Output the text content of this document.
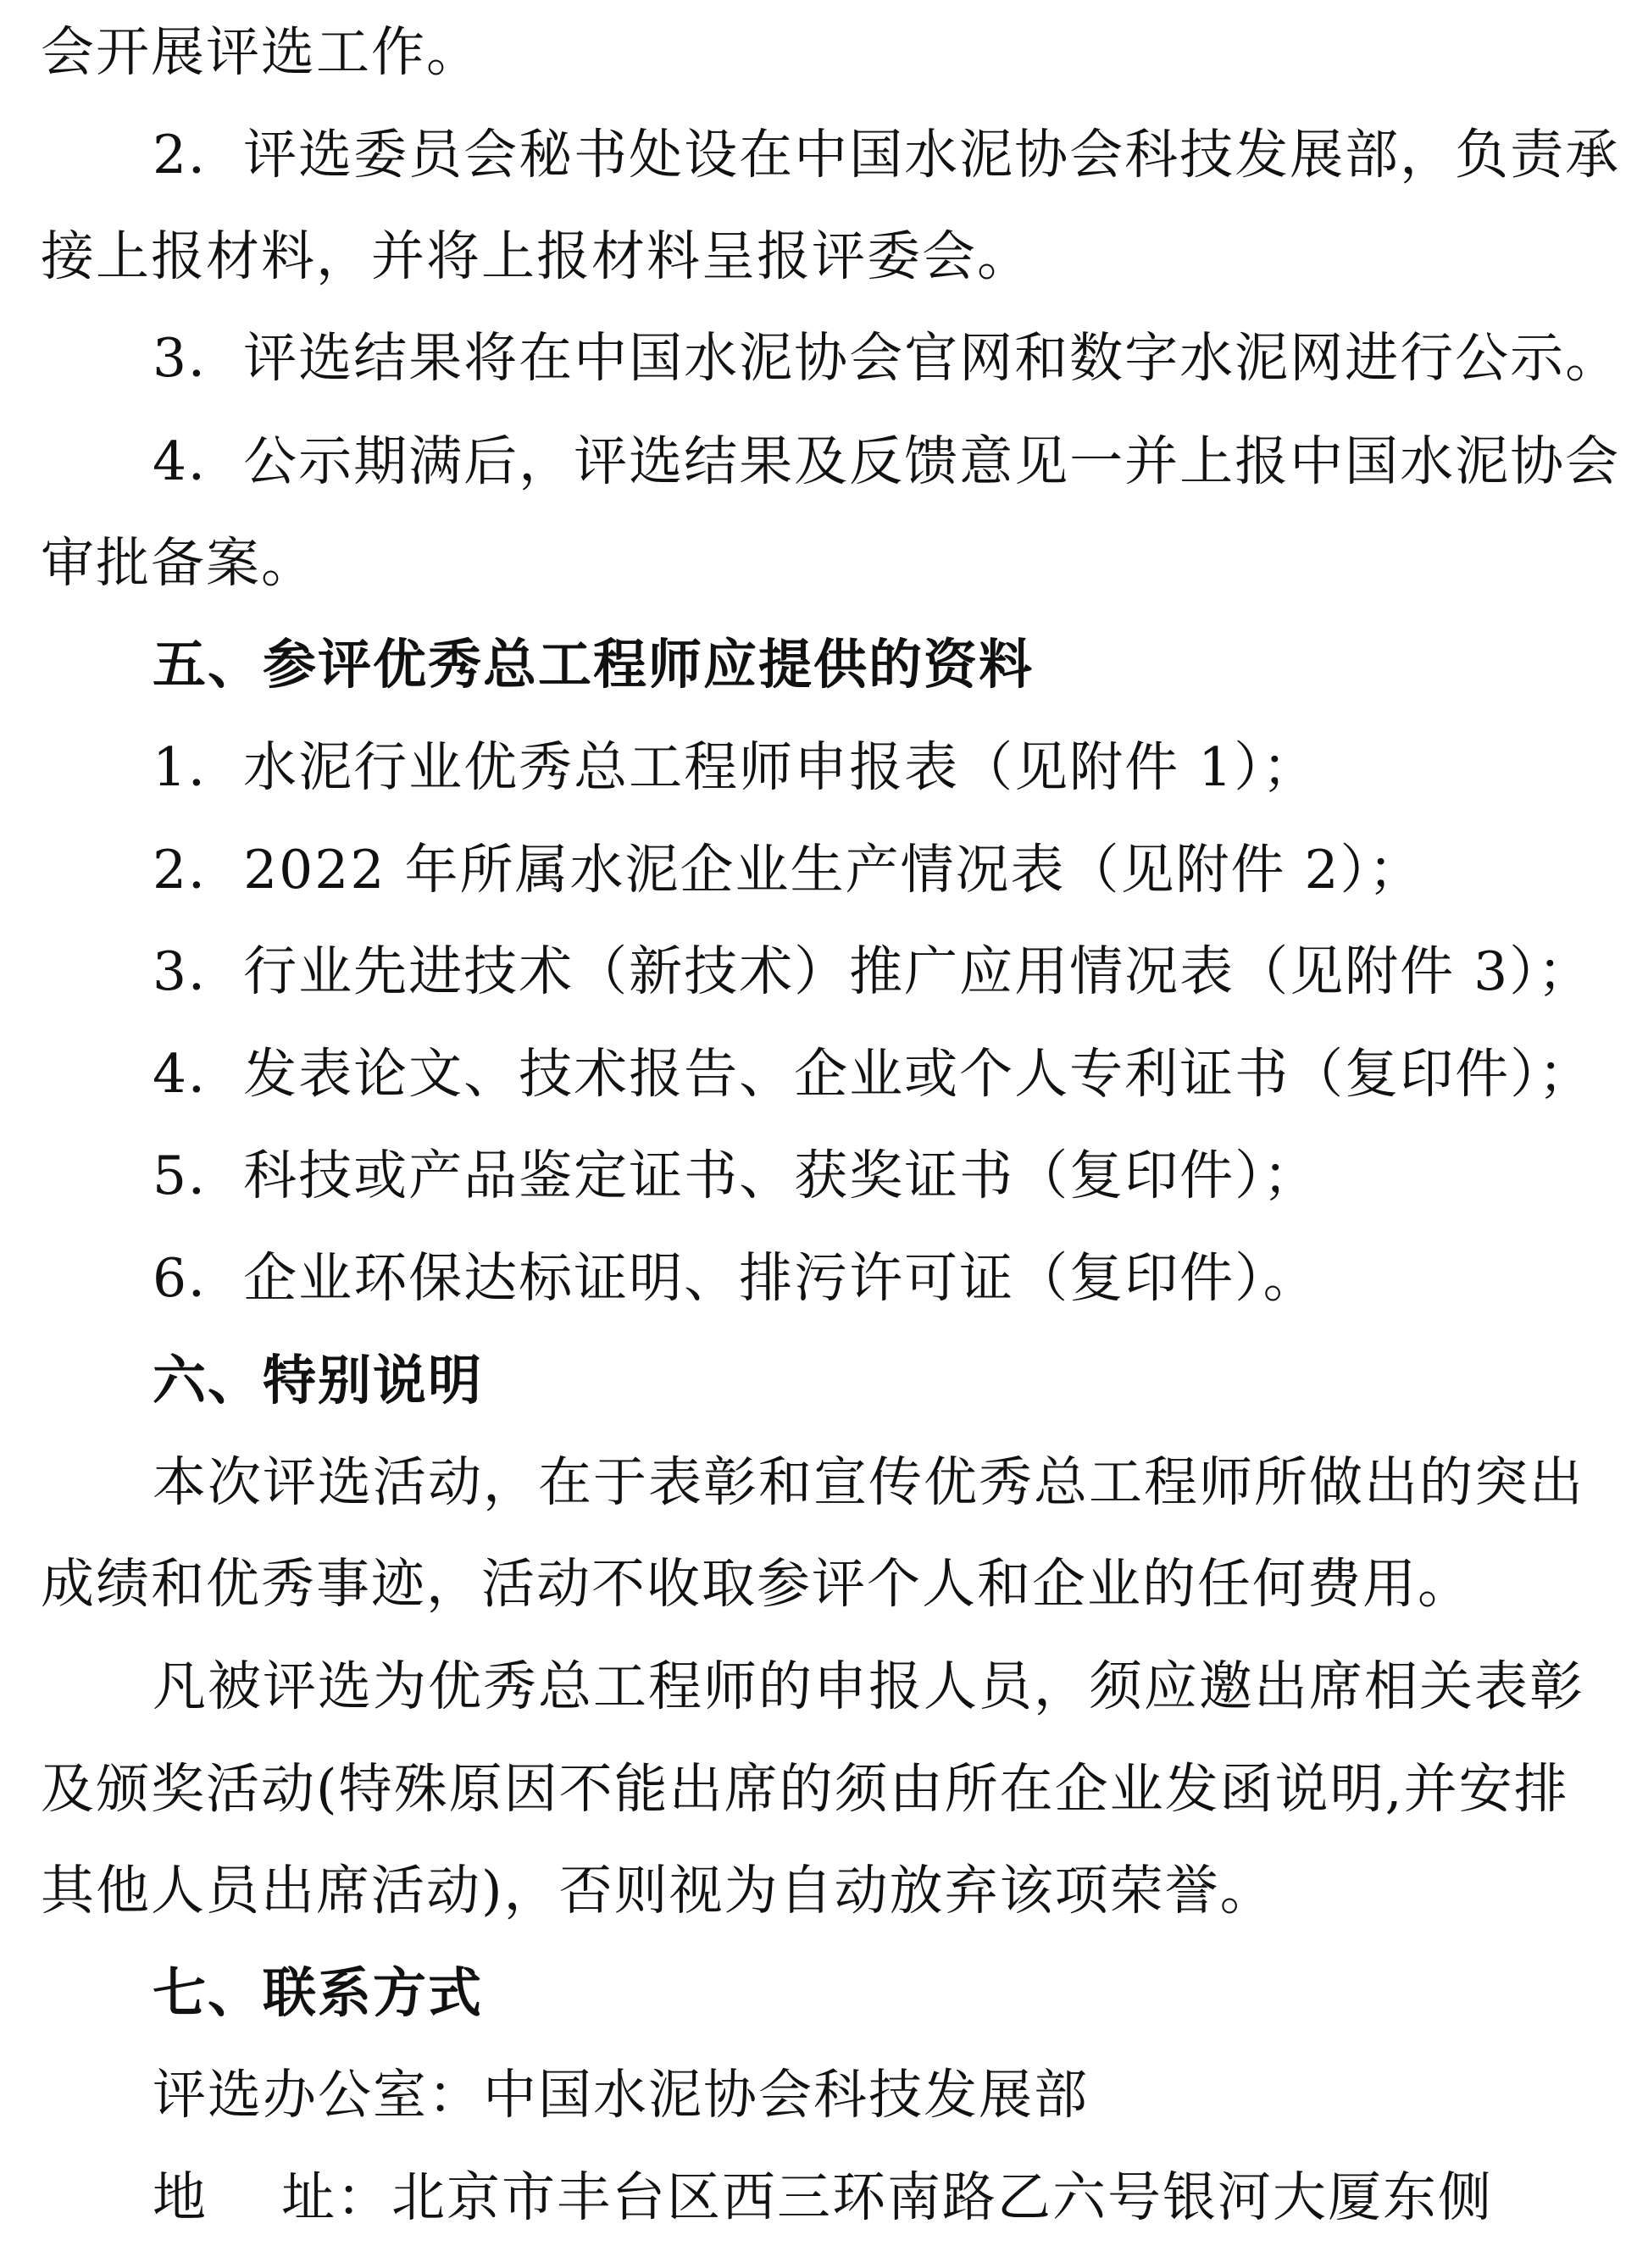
会开展评选工作。
2．评选委员会秘书处设在中国水泥协会科技发展部，负责承
接上报材料，并将上报材料呈报评委会。
3．评选结果将在中国水泥协会官网和数字水泥网进行公示。
4．公示期满后，评选结果及反馈意见一并上报中国水泥协会
审批备案。
五、参评优秀总工程师应提供的资料
1．水泥行业优秀总工程师申报表（见附件 1）；
2．2022 年所属水泥企业生产情况表（见附件 2）；
3．行业先进技术（新技术）推广应用情况表（见附件 3）；
4．发表论文、技术报告、企业或个人专利证书（复印件）；
5．科技或产品鉴定证书、获奖证书（复印件）；
6．企业环保达标证明、排污许可证（复印件）。
六、特别说明
本次评选活动，在于表彰和宣传优秀总工程师所做出的突出
成绩和优秀事迹，活动不收取参评个人和企业的任何费用。
凡被评选为优秀总工程师的申报人员，须应邀出席相关表彰
及颁奖活动(特殊原因不能出席的须由所在企业发函说明,并安排
其他人员出席活动)，否则视为自动放弃该项荣誉。
七、联系方式
评选办公室：中国水泥协会科技发展部
地　 址：北京市丰台区西三环南路乙六号银河大厦东侧
